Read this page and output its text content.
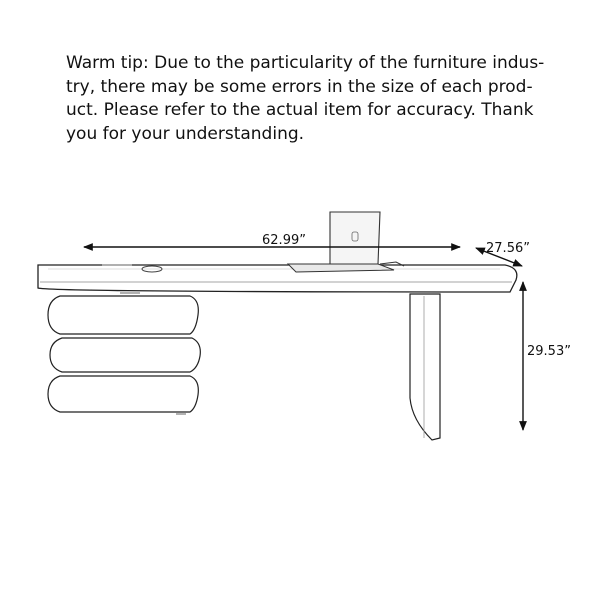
Warm tip: Due to the particularity of the furniture indus-
try, there may be some errors in the size of each prod-
uct. Please refer to the actual item for accuracy. Thank
you for your understanding.

62.99”
27.56”
29.53”
